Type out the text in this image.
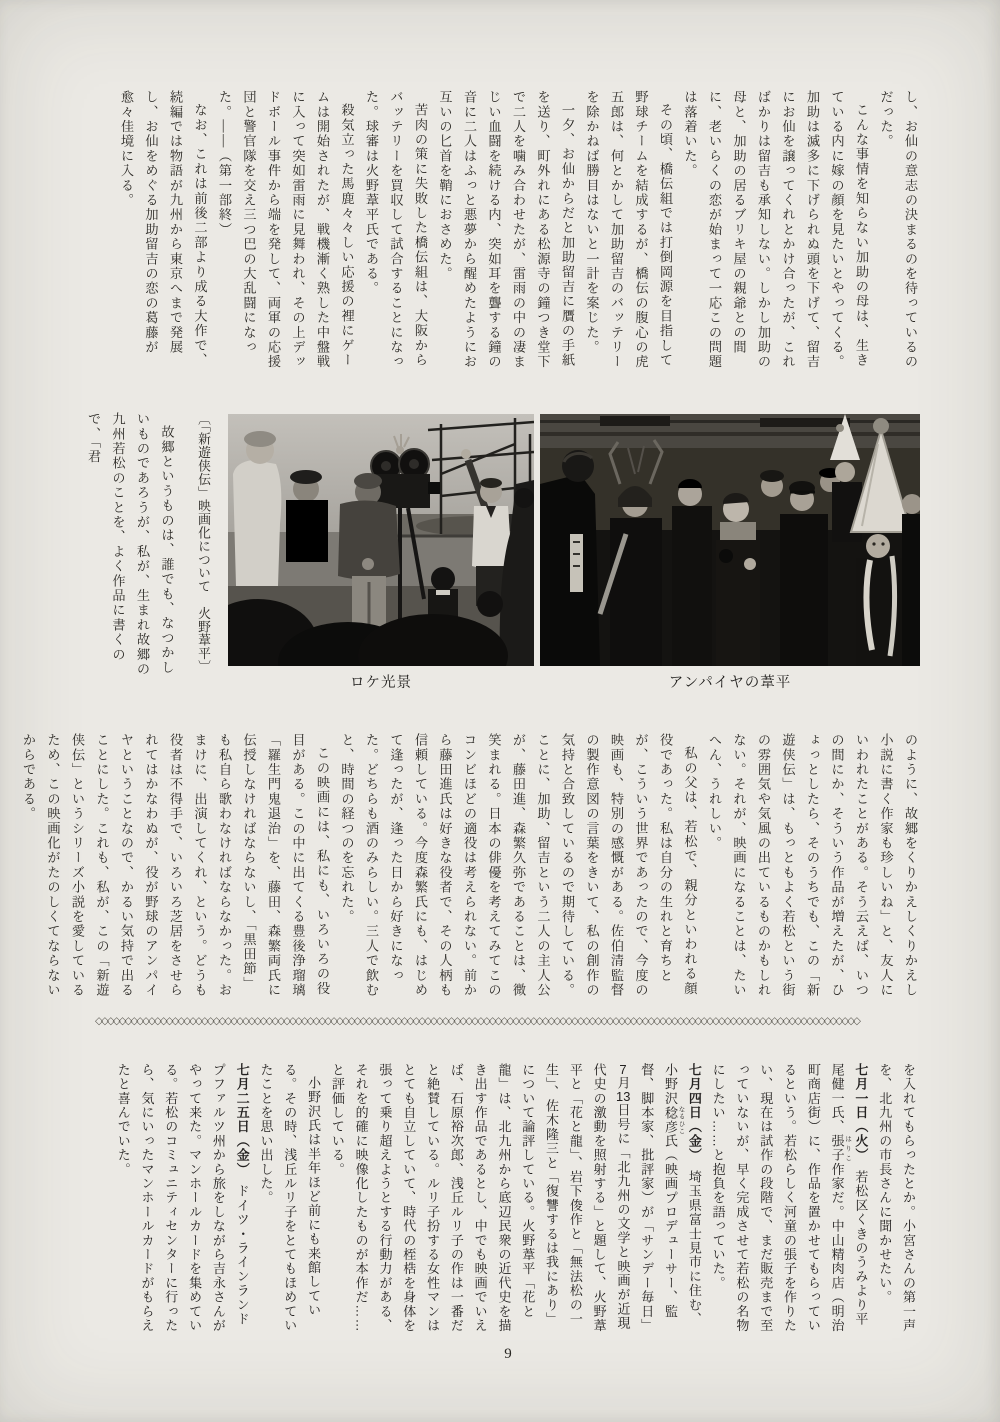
し、お仙の意志の決まるのを待っているのだった。

こんな事情を知らない加助の母は、生きている内に嫁の顔を見たいとやってくる。加助は滅多に下げられぬ頭を下げて、留吉にお仙を譲ってくれとかけ合ったが、こればかりは留吉も承知しない。しかし加助の母と、加助の居るブリキ屋の親爺との間に、老いらくの恋が始まって一応この問題は落着いた。

その頃、橋伝組では打倒岡源を目指して野球チームを結成するが、橋伝の腹心の虎五郎は、何とかして加助留吉のバッテリーを除かねば勝目はないと一計を案じた。

一夕、お仙からだと加助留吉に贋の手紙を送り、町外れにある松源寺の鐘つき堂下で二人を噛み合わせたが、雷雨の中の凄まじい血闘を続ける内、突如耳を聾する鐘の音に二人はふっと悪夢から醒めたようにお互いの匕首を鞘におさめた。

苦肉の策に失敗した橋伝組は、大阪からバッテリーを買収して試合することになった。球審は火野葦平氏である。

殺気立った馬鹿々々しい応援の裡にゲームは開始されたが、戦機漸く熟した中盤戦に入って突如雷雨に見舞われ、その上デッドボール事件から端を発して、両軍の応援団と警官隊を交え三つ巴の大乱闘になった。――（第一部終）

なお、これは前後二部より成る大作で、続編では物語が九州から東京へまで発展し、お仙をめぐる加助留吉の恋の葛藤が愈々佳境に入る。

〔「新遊侠伝」映画化について　火野葦平〕

故郷というものは、誰でも、なつかしいものであろうが、私が、生まれ故郷の九州若松のことを、よく作品に書くので、「君

ロケ光景	アンパイヤの葦平

のように、故郷をくりかえしくりかえし小説に書く作家も珍しいね」と、友人にいわれたことがある。そう云えば、いつの間にか、そういう作品が増えたが、ひょっとしたら、そのうちでも、この「新遊侠伝」は、もっともよく若松という街の雰囲気や気風の出ているものかもしれない。それが、映画になることは、たいへん、うれしい。

私の父は、若松で、親分といわれる顔役であった。私は自分の生れと育ちとが、こういう世界であったので、今度の映画も、特別の感慨がある。佐伯清監督の製作意図の言葉をきいて、私の創作の気持と合致しているので期待している。ことに、加助、留吉という二人の主人公が、藤田進、森繁久弥であることは、微笑まれる。日本の俳優を考えてみてこのコンビほどの適役は考えられない。前から藤田進氏は好きな役者で、その人柄も信頼している。今度森繁氏にも、はじめて逢ったが、逢った日から好きになった。どちらも酒のみらしい。三人で飲むと、時間の経つのを忘れた。

この映画には、私にも、いろいろの役目がある。この中に出てくる豊後浄瑠璃「羅生門鬼退治」を、藤田、森繁両氏に伝授しなければならないし、「黒田節」も私自ら歌わなければならなかった。おまけに、出演してくれ、という。どうも役者は不得手で、いろいろ芝居をさせられてはかなわぬが、役が野球のアンパイヤということなので、かるい気持で出ることにした。これも、私が、この「新遊侠伝」というシリーズ小説を愛しているため、この映画化がたのしくてならないからである。

◇◇◇◇◇◇◇◇◇◇◇◇◇◇◇◇◇◇◇◇◇◇◇◇◇◇◇◇◇◇◇◇◇◇◇◇◇◇◇◇◇◇◇◇◇◇◇◇◇◇◇◇◇◇◇◇◇◇◇◇◇◇◇◇◇◇◇◇◇◇◇◇◇◇◇◇◇◇◇◇◇◇◇◇◇◇◇◇◇◇◇◇◇◇◇◇◇◇◇◇◇◇◇◇◇◇◇◇◇◇◇◇◇◇◇◇◇◇◇◇◇◇◇◇◇◇◇◇◇◇

を入れてもらったとか。小宮さんの第一声を、北九州の市長さんに聞かせたい。

七月一日（火）　若松区くきのうみより平尾健一氏、張子 はりこ作家だ。中山精肉店（明治町商店街）に、作品を置かせてもらっているという。若松らしく河童の張子を作りたい、現在は試作の段階で、まだ販売まで至っていないが、早く完成させて若松の名物にしたい……と抱負を語っていた。

七月四日（金）　埼玉県富士見市に住む、小野沢稔彦 なるひこ氏（映画プロデューサー、監督、脚本家、批評家）が「サンデー毎日」7月13日号に「北九州の文学と映画が近現代史の激動を照射する」と題して、火野葦平と「花と龍」、岩下俊作と「無法松の一生」、佐木隆三と「復讐するは我にあり」について論評している。火野葦平「花と龍」は、北九州から底辺民衆の近代史を描き出す作品であるとし、中でも映画でいえば、石原裕次郎、浅丘ルリ子の作は一番だと絶賛している。ルリ子扮する女性マンはとても自立していて、時代の桎梏を身体を張って乗り超えようとする行動力がある、それを的確に映像化したものが本作だ……と評価している。

小野沢氏は半年ほど前にも来館している。その時、浅丘ルリ子をとてもほめていたことを思い出した。

七月二五日（金）　ドイツ・ラインランドプファルツ州から旅をしながら吉永さんがやって来た。マンホールカードを集めている。若松のコミュニティセンターに行ったら、気にいったマンホールカードがもらえたと喜んでいた。

9
